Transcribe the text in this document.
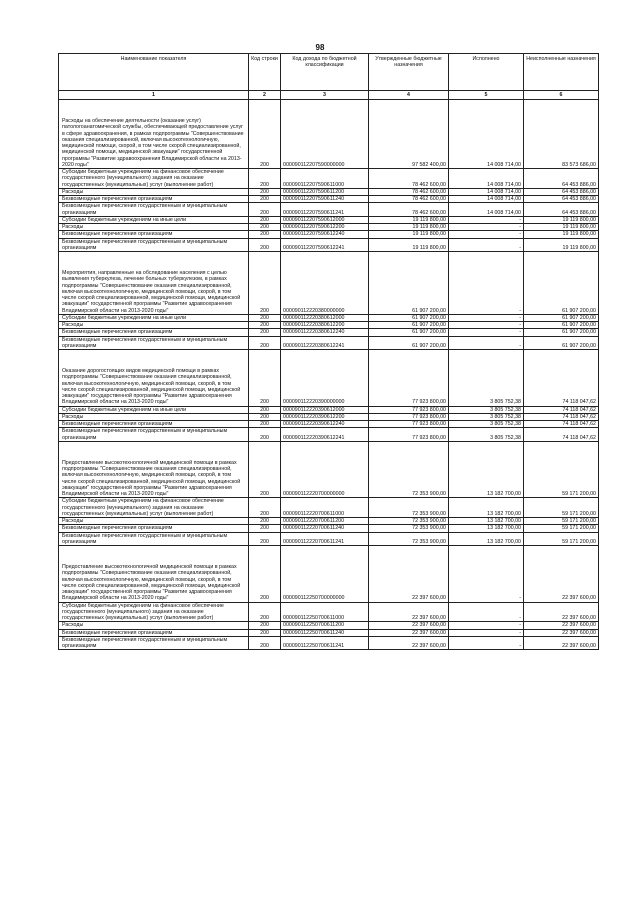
98
Наименование показателя	Код строки	Код дохода по бюджетной классификации	Утвержденные бюджетные назначения	Исполнено	Неисполненные назначения
1	2	3	4	5	6
Расходы на обеспечение деятельности (оказание услуг) патологоанатомической службы, обеспечивающей предоставление услуг в сфере здравоохранения, в рамках подпрограммы "Совершенствование оказания специализированной, включая высокотехнологичную, медицинской помощи, скорой, в том числе скорой специализированной, медицинской помощи, медицинской эвакуации" государственной программы "Развитие здравоохранения Владимирской области на 2013-2020 годы"	200	000090112207590000000	97 582 400,00	14 008 714,00	83 573 686,00
Субсидии бюджетным учреждениям на финансовое обеспечение государственного (муниципального) задания на оказание государственных (муниципальных) услуг (выполнение работ)	200	000090112207590611000	78 462 600,00	14 008 714,00	64 453 886,00
Расходы	200	000090112207590611200	78 462 600,00	14 008 714,00	64 453 886,00
Безвозмездные перечисления организациям	200	000090112207590611240	78 462 600,00	14 008 714,00	64 453 886,00
Безвозмездные перечисления государственным и муниципальным организациям	200	000090112207590611241	78 462 600,00	14 008 714,00	64 453 886,00
Субсидии бюджетным учреждениям на иные цели	200	000090112207590612000	19 119 800,00	-	19 119 800,00
Расходы	200	000090112207590612200	19 119 800,00	-	19 119 800,00
Безвозмездные перечисления организациям	200	000090112207590612240	19 119 800,00	-	19 119 800,00
Безвозмездные перечисления государственным и муниципальным организациям	200	000090112207590612241	19 119 800,00	-	19 119 800,00
Мероприятия, направленные на обследование населения с целью выявления туберкулеза, лечение больных туберкулезом, в рамках подпрограммы "Совершенствование оказания специализированной, включая высокотехнологичную, медицинской помощи, скорой, в том числе скорой специализированной, медицинской помощи, медицинской эвакуации" государственной программы "Развитие здравоохранения Владимирской области на 2013-2020 годы"	200	000090112220380000000	61 907 200,00	-	61 907 200,00
Субсидии бюджетным учреждениям на иные цели	200	000090112220380612000	61 907 200,00	-	61 907 200,00
Расходы	200	000090112220380612200	61 907 200,00	-	61 907 200,00
Безвозмездные перечисления организациям	200	000090112220380612240	61 907 200,00	-	61 907 200,00
Безвозмездные перечисления государственным и муниципальным организациям	200	000090112220380612241	61 907 200,00	-	61 907 200,00
Оказание дорогостоящих видов медицинской помощи в рамках подпрограммы "Совершенствование оказания специализированной, включая высокотехнологичную, медицинской помощи, скорой, в том числе скорой специализированной, медицинской помощи, медицинской эвакуации" государственной программы "Развитие здравоохранения Владимирской области на 2013-2020 годы"	200	000090112220390000000	77 923 800,00	3 805 752,38	74 118 047,62
Субсидии бюджетным учреждениям на иные цели	200	000090112220390612000	77 923 800,00	3 805 752,38	74 118 047,62
Расходы	200	000090112220390612200	77 923 800,00	3 805 752,38	74 118 047,62
Безвозмездные перечисления организациям	200	000090112220390612240	77 923 800,00	3 805 752,38	74 118 047,62
Безвозмездные перечисления государственным и муниципальным организациям	200	000090112220390612241	77 923 800,00	3 805 752,38	74 118 047,62
Предоставление высокотехнологичной медицинской помощи в рамках подпрограммы "Совершенствование оказания специализированной, включая высокотехнологичную, медицинской помощи, скорой, в том числе скорой специализированной, медицинской помощи, медицинской эвакуации" государственной программы "Развитие здравоохранения Владимирской области на 2013-2020 годы"	200	000090112220700000000	72 353 900,00	13 182 700,00	59 171 200,00
Субсидии бюджетным учреждениям на финансовое обеспечение государственного (муниципального) задания на оказание государственных (муниципальных) услуг (выполнение работ)	200	000090112220700611000	72 353 900,00	13 182 700,00	59 171 200,00
Расходы	200	000090112220700611200	72 353 900,00	13 182 700,00	59 171 200,00
Безвозмездные перечисления организациям	200	000090112220700611240	72 353 900,00	13 182 700,00	59 171 200,00
Безвозмездные перечисления государственным и муниципальным организациям	200	000090112220700611241	72 353 900,00	13 182 700,00	59 171 200,00
Предоставление высокотехнологичной медицинской помощи в рамках подпрограммы "Совершенствование оказания специализированной, включая высокотехнологичную, медицинской помощи, скорой, в том числе скорой специализированной, медицинской помощи, медицинской эвакуации" государственной программы "Развитие здравоохранения Владимирской области на 2013-2020 годы"	200	000090112250700000000	22 397 600,00	-	22 397 600,00
Субсидии бюджетным учреждениям на финансовое обеспечение государственного (муниципального) задания на оказание государственных (муниципальных) услуг (выполнение работ)	200	000090112250700611000	22 397 600,00	-	22 397 600,00
Расходы	200	000090112250700611200	22 397 600,00	-	22 397 600,00
Безвозмездные перечисления организациям	200	000090112250700611240	22 397 600,00	-	22 397 600,00
Безвозмездные перечисления государственным и муниципальным организациям	200	000090112250700611241	22 397 600,00	-	22 397 600,00
